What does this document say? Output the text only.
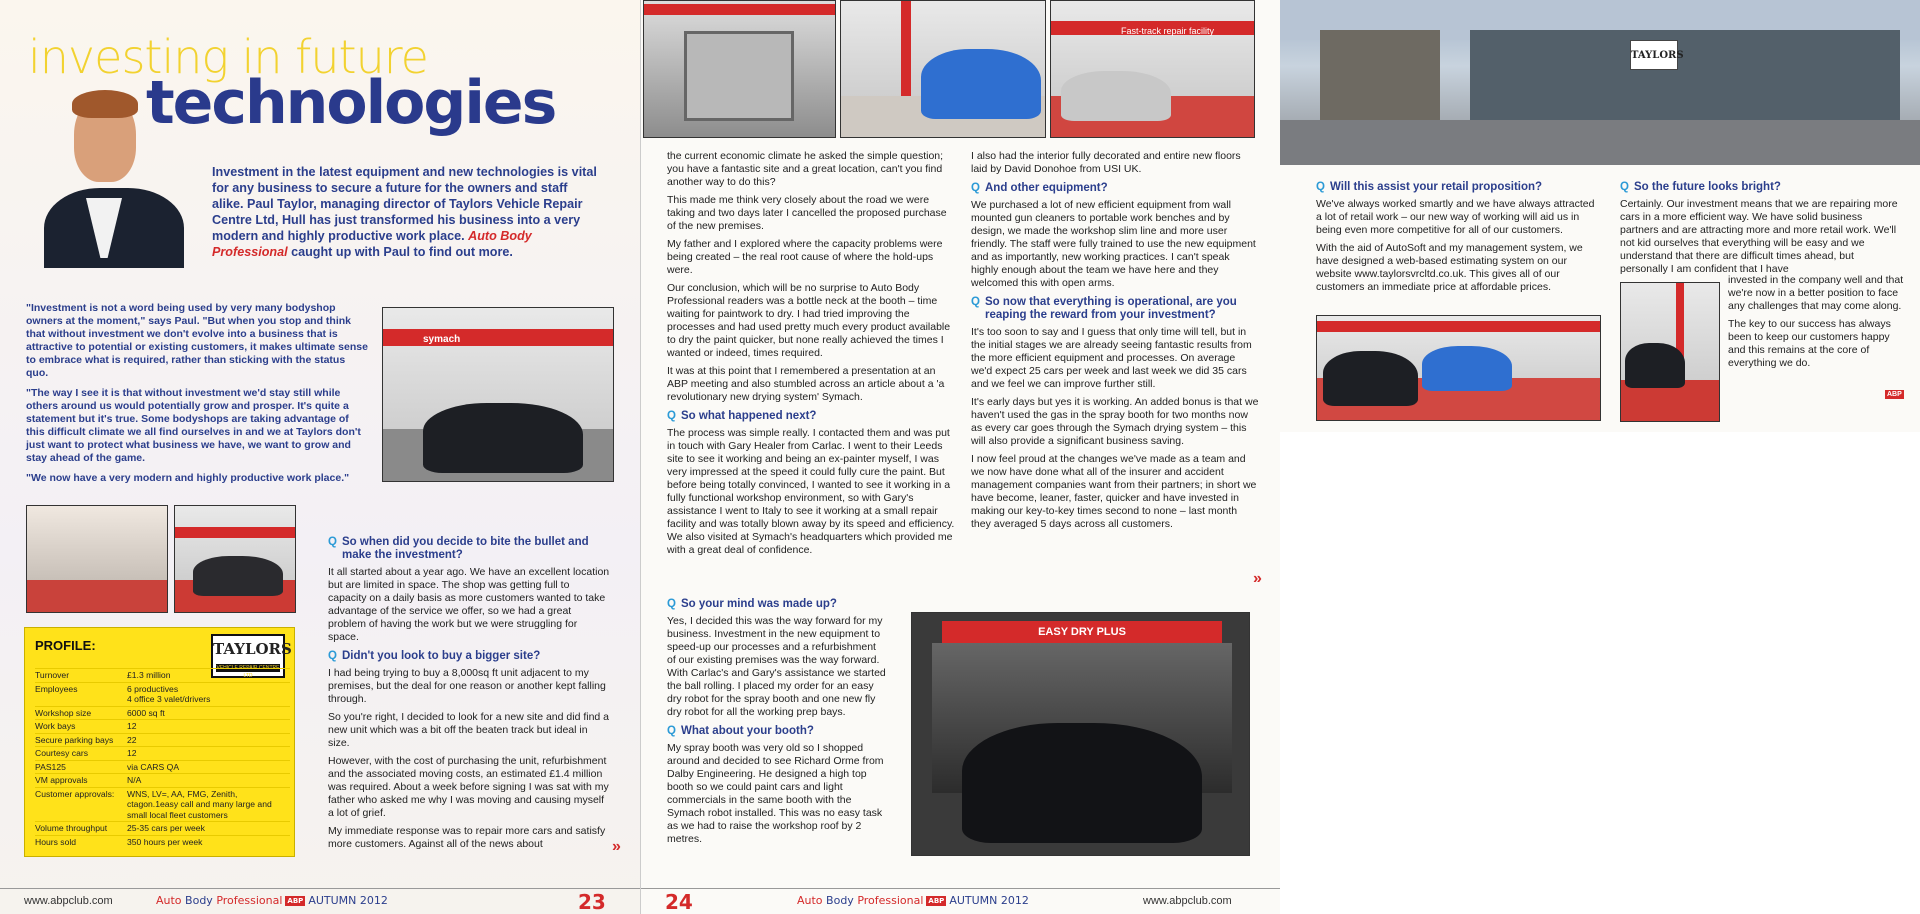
investing in future
technologies
Investment in the latest equipment and new technologies is vital for any business to secure a future for the owners and staff alike. Paul Taylor, managing director of Taylors Vehicle Repair Centre Ltd, Hull has just transformed his business into a very modern and highly productive work place. Auto Body Professional caught up with Paul to find out more.

"Investment is not a word being used by very many bodyshop owners at the moment," says Paul. "But when you stop and think that without investment we don't evolve into a business that is attractive to potential or existing customers, it makes ultimate sense to embrace what is required, rather than sticking with the status quo.

"The way I see it is that without investment we'd stay still while others around us would potentially grow and prosper. It's quite a statement but it's true. Some bodyshops are taking advantage of this difficult climate we all find ourselves in and we at Taylors don't just want to protect what business we have, we want to grow and stay ahead of the game.

"We now have a very modern and highly productive work place."

symach
PROFILE:	TAYLORS
VEHICLE REPAIR CENTRE LTD
Turnover	£1.3 million
Employees	6 productives
4 office 3 valet/drivers
Workshop size	6000 sq ft
Work bays	12
Secure parking bays	22
Courtesy cars	12
PAS125	via CARS QA
VM approvals	N/A
Customer approvals:	WNS, LV=, AA, FMG, Zenith, ctagon.1easy call and many large and small local fleet customers
Volume throughput	25-35 cars per week
Hours sold	350 hours per week
Q So when did you decide to bite the bullet and make the investment?

It all started about a year ago. We have an excellent location but are limited in space. The shop was getting full to capacity on a daily basis as more customers wanted to take advantage of the service we offer, so we had a great problem of having the work but we were struggling for space.

Q Didn't you look to buy a bigger site?

I had being trying to buy a 8,000sq ft unit adjacent to my premises, but the deal for one reason or another kept falling through.

So you're right, I decided to look for a new site and did find a new unit which was a bit off the beaten track but ideal in size.

However, with the cost of purchasing the unit, refurbishment and the associated moving costs, an estimated £1.4 million was required. About a week before signing I was sat with my father who asked me why I was moving and causing myself a lot of grief.

My immediate response was to repair more cars and satisfy more customers. Against all of the news about	»
www.abpclub.com	Auto Body Professional ABP AUTUMN 2012	23
Fast-track repair facility

the current economic climate he asked the simple question; you have a fantastic site and a great location, can't you find another way to do this?

This made me think very closely about the road we were taking and two days later I cancelled the proposed purchase of the new premises.

My father and I explored where the capacity problems were being created – the real root cause of where the hold-ups were.

Our conclusion, which will be no surprise to Auto Body Professional readers was a bottle neck at the booth – time waiting for paintwork to dry. I had tried improving the processes and had used pretty much every product available to dry the paint quicker, but none really achieved the times I wanted or indeed, times required.

It was at this point that I remembered a presentation at an ABP meeting and also stumbled across an article about a 'a revolutionary new drying system' Symach.

Q So what happened next?

The process was simple really. I contacted them and was put in touch with Gary Healer from Carlac. I went to their Leeds site to see it working and being an ex-painter myself, I was very impressed at the speed it could fully cure the paint. But before being totally convinced, I wanted to see it working in a fully functional workshop environment, so with Gary's assistance I went to Italy to see it working at a small repair facility and was totally blown away by its speed and efficiency. We also visited at Symach's headquarters which provided me with a great deal of confidence.

Q So your mind was made up?

Yes, I decided this was the way forward for my business. Investment in the new equipment to speed-up our processes and a refurbishment of our existing premises was the way forward. With Carlac's and Gary's assistance we started the ball rolling. I placed my order for an easy dry robot for the spray booth and one new fly dry robot for all the working prep bays.

Q What about your booth?

My spray booth was very old so I shopped around and decided to see Richard Orme from Dalby Engineering. He designed a high top booth so we could paint cars and light commercials in the same booth with the Symach robot installed. This was no easy task as we had to raise the workshop roof by 2 metres.

I also had the interior fully decorated and entire new floors laid by David Donohoe from USI UK.

Q And other equipment?

We purchased a lot of new efficient equipment from wall mounted gun cleaners to portable work benches and by design, we made the workshop slim line and more user friendly. The staff were fully trained to use the new equipment and as importantly, new working practices. I can't speak highly enough about the team we have here and they welcomed this with open arms.

Q So now that everything is operational, are you reaping the reward from your investment?

It's too soon to say and I guess that only time will tell, but in the initial stages we are already seeing fantastic results from the more efficient equipment and processes. On average we'd expect 25 cars per week and last week we did 35 cars and we feel we can improve further still.

It's early days but yes it is working. An added bonus is that we haven't used the gas in the spray booth for two months now as every car goes through the Symach drying system – this will also provide a significant business saving.

I now feel proud at the changes we've made as a team and we now have done what all of the insurer and accident management companies want from their partners; in short we have become, leaner, faster, quicker and have invested in making our key-to-key times second to none – last month they averaged 5 days across all customers.

»
EASY DRY PLUS
24	Auto Body Professional ABP AUTUMN 2012	www.abpclub.com
TAYLORS
Q Will this assist your retail proposition?

We've always worked smartly and we have always attracted a lot of retail work – our new way of working will aid us in being even more competitive for all of our customers.

With the aid of AutoSoft and my management system, we have designed a web-based estimating system on our website www.taylorsvrcltd.co.uk. This gives all of our customers an immediate price at affordable prices.

Q So the future looks bright?

Certainly. Our investment means that we are repairing more cars in a more efficient way. We have solid business partners and are attracting more and more retail work. We'll not kid ourselves that everything will be easy and we understand that there are difficult times ahead, but personally I am confident that I have

invested in the company well and that we're now in a better position to face any challenges that may come along.

The key to our success has always been to keep our customers happy and this remains at the core of everything we do.

ABP
